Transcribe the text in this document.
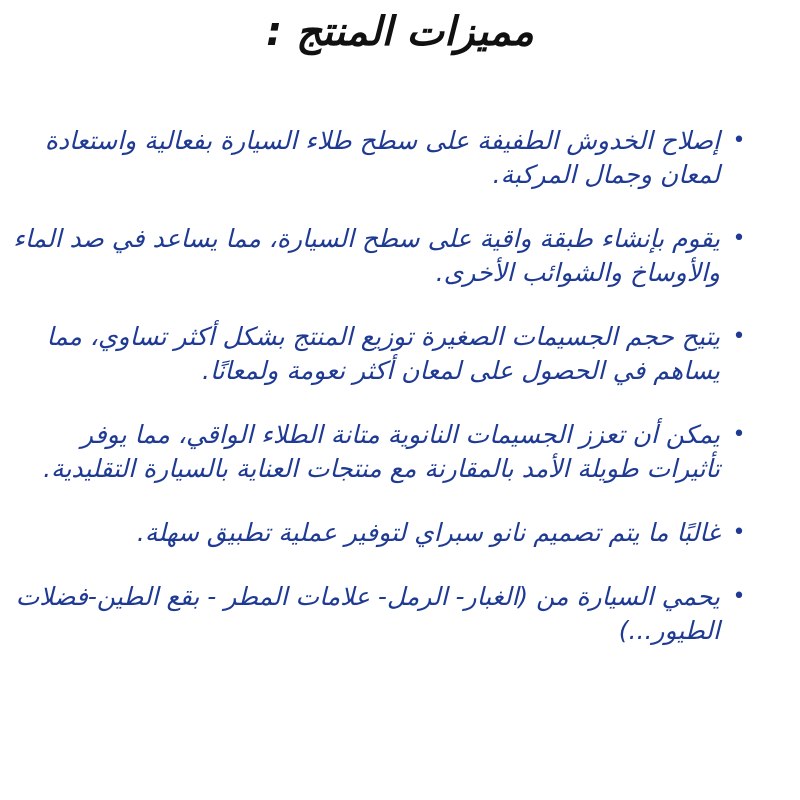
مميزات المنتج :
•
إصلاح الخدوش الطفيفة على سطح طلاء السيارة بفعالية واستعادة لمعان وجمال المركبة.
•
يقوم بإنشاء طبقة واقية على سطح السيارة، مما يساعد في صد الماء والأوساخ والشوائب الأخرى.
•
يتيح حجم الجسيمات الصغيرة توزيع المنتج بشكل أكثر تساوي، مما يساهم في الحصول على لمعان أكثر نعومة ولمعانًا.
•
يمكن أن تعزز الجسيمات النانوية متانة الطلاء الواقي، مما يوفر تأثيرات طويلة الأمد بالمقارنة مع منتجات العناية بالسيارة التقليدية.
•
غالبًا ما يتم تصميم نانو سبراي لتوفير عملية تطبيق سهلة.
•
يحمي السيارة من (الغبار- الرمل- علامات المطر - بقع الطين-فضلات الطيور...)
